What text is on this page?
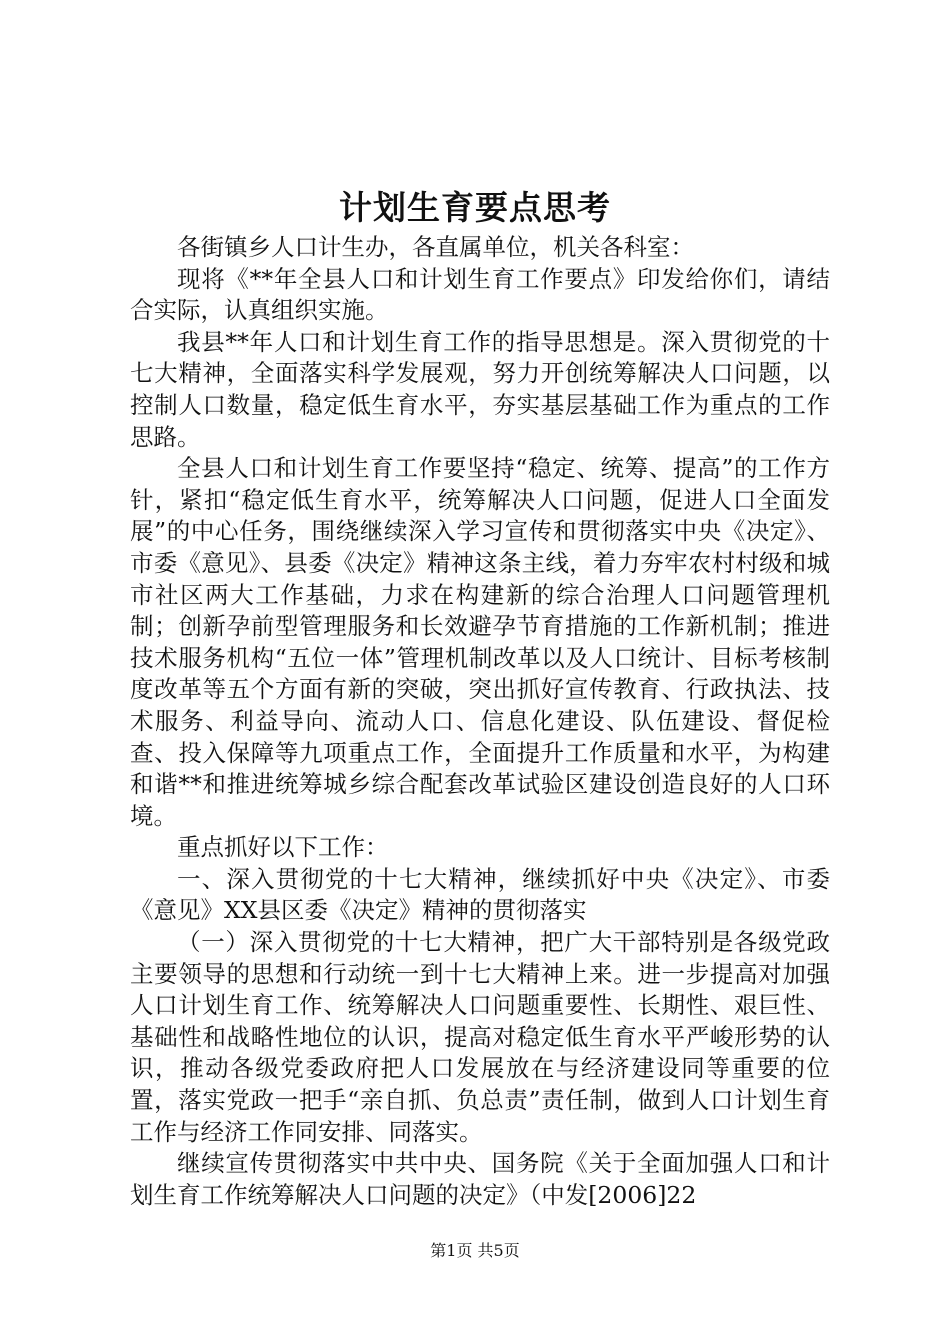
计划生育要点思考

各街镇乡人口计生办，各直属单位，机关各科室：

现将《**年全县人口和计划生育工作要点》印发给你们，请结合实际，认真组织实施。

我县**年人口和计划生育工作的指导思想是。深入贯彻党的十七大精神，全面落实科学发展观，努力开创统筹解决人口问题，以控制人口数量，稳定低生育水平，夯实基层基础工作为重点的工作思路。

全县人口和计划生育工作要坚持“稳定、统筹、提高”的工作方针，紧扣“稳定低生育水平，统筹解决人口问题，促进人口全面发展”的中心任务，围绕继续深入学习宣传和贯彻落实中央《决定》、市委《意见》、县委《决定》精神这条主线，着力夯牢农村村级和城市社区两大工作基础，力求在构建新的综合治理人口问题管理机制；创新孕前型管理服务和长效避孕节育措施的工作新机制；推进技术服务机构“五位一体”管理机制改革以及人口统计、目标考核制度改革等五个方面有新的突破，突出抓好宣传教育、行政执法、技术服务、利益导向、流动人口、信息化建设、队伍建设、督促检查、投入保障等九项重点工作，全面提升工作质量和水平，为构建和谐**和推进统筹城乡综合配套改革试验区建设创造良好的人口环境。

重点抓好以下工作：

一、深入贯彻党的十七大精神，继续抓好中央《决定》、市委《意见》XX县区委《决定》精神的贯彻落实

（一）深入贯彻党的十七大精神，把广大干部特别是各级党政主要领导的思想和行动统一到十七大精神上来。进一步提高对加强人口计划生育工作、统筹解决人口问题重要性、长期性、艰巨性、基础性和战略性地位的认识，提高对稳定低生育水平严峻形势的认识，推动各级党委政府把人口发展放在与经济建设同等重要的位置，落实党政一把手“亲自抓、负总责”责任制，做到人口计划生育工作与经济工作同安排、同落实。

继续宣传贯彻落实中共中央、国务院《关于全面加强人口和计划生育工作统筹解决人口问题的决定》（中发[2006]22

第1页 共5页
